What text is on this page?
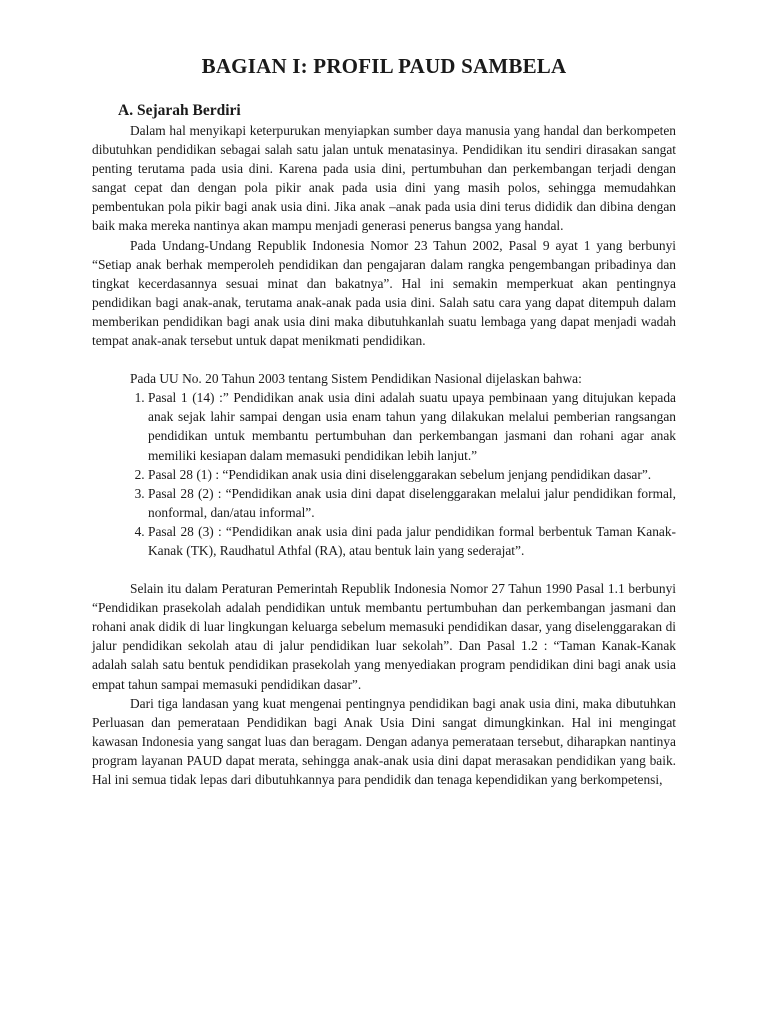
BAGIAN I: PROFIL PAUD SAMBELA
A. Sejarah Berdiri

Dalam hal menyikapi keterpurukan menyiapkan sumber daya manusia yang handal dan berkompeten dibutuhkan pendidikan sebagai salah satu jalan untuk menatasinya. Pendidikan itu sendiri dirasakan sangat penting terutama pada usia dini. Karena pada usia dini, pertumbuhan dan perkembangan terjadi dengan sangat cepat dan dengan pola pikir anak pada usia dini yang masih polos, sehingga memudahkan pembentukan pola pikir bagi anak usia dini. Jika anak –anak pada usia dini terus dididik dan dibina dengan baik maka mereka nantinya akan mampu menjadi generasi penerus bangsa yang handal.

Pada Undang-Undang Republik Indonesia Nomor 23 Tahun 2002, Pasal 9 ayat 1 yang berbunyi “Setiap anak berhak memperoleh pendidikan dan pengajaran dalam rangka pengembangan pribadinya dan tingkat kecerdasannya sesuai minat dan bakatnya”. Hal ini semakin memperkuat akan pentingnya pendidikan bagi anak-anak, terutama anak-anak pada usia dini. Salah satu cara yang dapat ditempuh dalam memberikan pendidikan bagi anak usia dini maka dibutuhkanlah suatu lembaga yang dapat menjadi wadah tempat anak-anak tersebut untuk dapat menikmati pendidikan.

Pada UU No. 20 Tahun 2003 tentang Sistem Pendidikan Nasional dijelaskan bahwa:

1. Pasal 1 (14) :” Pendidikan anak usia dini adalah suatu upaya pembinaan yang ditujukan kepada anak sejak lahir sampai dengan usia enam tahun yang dilakukan melalui pemberian rangsangan pendidikan untuk membantu pertumbuhan dan perkembangan jasmani dan rohani agar anak memiliki kesiapan dalam memasuki pendidikan lebih lanjut.”
2. Pasal 28 (1) : “Pendidikan anak usia dini diselenggarakan sebelum jenjang pendidikan dasar”.
3. Pasal 28 (2) : “Pendidikan anak usia dini dapat diselenggarakan melalui jalur pendidikan formal, nonformal, dan/atau informal”.
4. Pasal 28 (3) : “Pendidikan anak usia dini pada jalur pendidikan formal berbentuk Taman Kanak-Kanak (TK), Raudhatul Athfal (RA), atau bentuk lain yang sederajat”.

Selain itu dalam Peraturan Pemerintah Republik Indonesia Nomor 27 Tahun 1990 Pasal 1.1 berbunyi “Pendidikan prasekolah adalah pendidikan untuk membantu pertumbuhan dan perkembangan jasmani dan rohani anak didik di luar lingkungan keluarga sebelum memasuki pendidikan dasar, yang diselenggarakan di jalur pendidikan sekolah atau di jalur pendidikan luar sekolah”. Dan Pasal 1.2 : “Taman Kanak-Kanak adalah salah satu bentuk pendidikan prasekolah yang menyediakan program pendidikan dini bagi anak usia empat tahun sampai memasuki pendidikan dasar”.

Dari tiga landasan yang kuat mengenai pentingnya pendidikan bagi anak usia dini, maka dibutuhkan Perluasan dan pemerataan Pendidikan bagi Anak Usia Dini sangat dimungkinkan. Hal ini mengingat kawasan Indonesia yang sangat luas dan beragam. Dengan adanya pemerataan tersebut, diharapkan nantinya program layanan PAUD dapat merata, sehingga anak-anak usia dini dapat merasakan pendidikan yang baik. Hal ini semua tidak lepas dari dibutuhkannya para pendidik dan tenaga kependidikan yang berkompetensi,
